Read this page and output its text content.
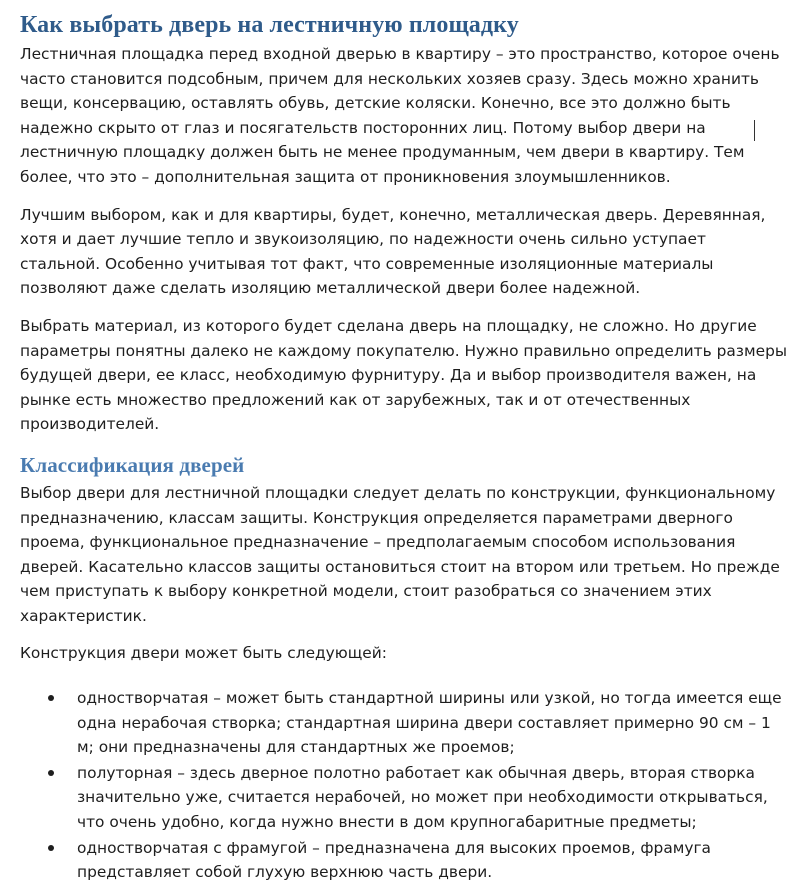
Как выбрать дверь на лестничную площадку

Лестничная площадка перед входной дверью в квартиру – это пространство, которое очень часто становится подсобным, причем для нескольких хозяев сразу. Здесь можно хранить вещи, консервацию, оставлять обувь, детские коляски. Конечно, все это должно быть надежно скрыто от глаз и посягательств посторонних лиц. Потому выбор двери на лестничную площадку должен быть не менее продуманным, чем двери в квартиру. Тем более, что это – дополнительная защита от проникновения злоумышленников.

Лучшим выбором, как и для квартиры, будет, конечно, металлическая дверь. Деревянная, хотя и дает лучшие тепло и звукоизоляцию, по надежности очень сильно уступает стальной. Особенно учитывая тот факт, что современные изоляционные материалы позволяют даже сделать изоляцию металлической двери более надежной.

Выбрать материал, из которого будет сделана дверь на площадку, не сложно. Но другие параметры понятны далеко не каждому покупателю. Нужно правильно определить размеры будущей двери, ее класс, необходимую фурнитуру. Да и выбор производителя важен, на рынке есть множество предложений как от зарубежных, так и от отечественных производителей.

Классификация дверей

Выбор двери для лестничной площадки следует делать по конструкции, функциональному предназначению, классам защиты. Конструкция определяется параметрами дверного проема, функциональное предназначение – предполагаемым способом использования дверей. Касательно классов защиты остановиться стоит на втором или третьем. Но прежде чем приступать к выбору конкретной модели, стоит разобраться со значением этих характеристик.

Конструкция двери может быть следующей:

одностворчатая – может быть стандартной ширины или узкой, но тогда имеется еще одна нерабочая створка; стандартная ширина двери составляет примерно 90 см – 1 м; они предназначены для стандартных же проемов;
полуторная – здесь дверное полотно работает как обычная дверь, вторая створка значительно уже, считается нерабочей, но может при необходимости открываться, что очень удобно, когда нужно внести в дом крупногабаритные предметы;
одностворчатая с фрамугой – предназначена для высоких проемов, фрамуга представляет собой глухую верхнюю часть двери.
